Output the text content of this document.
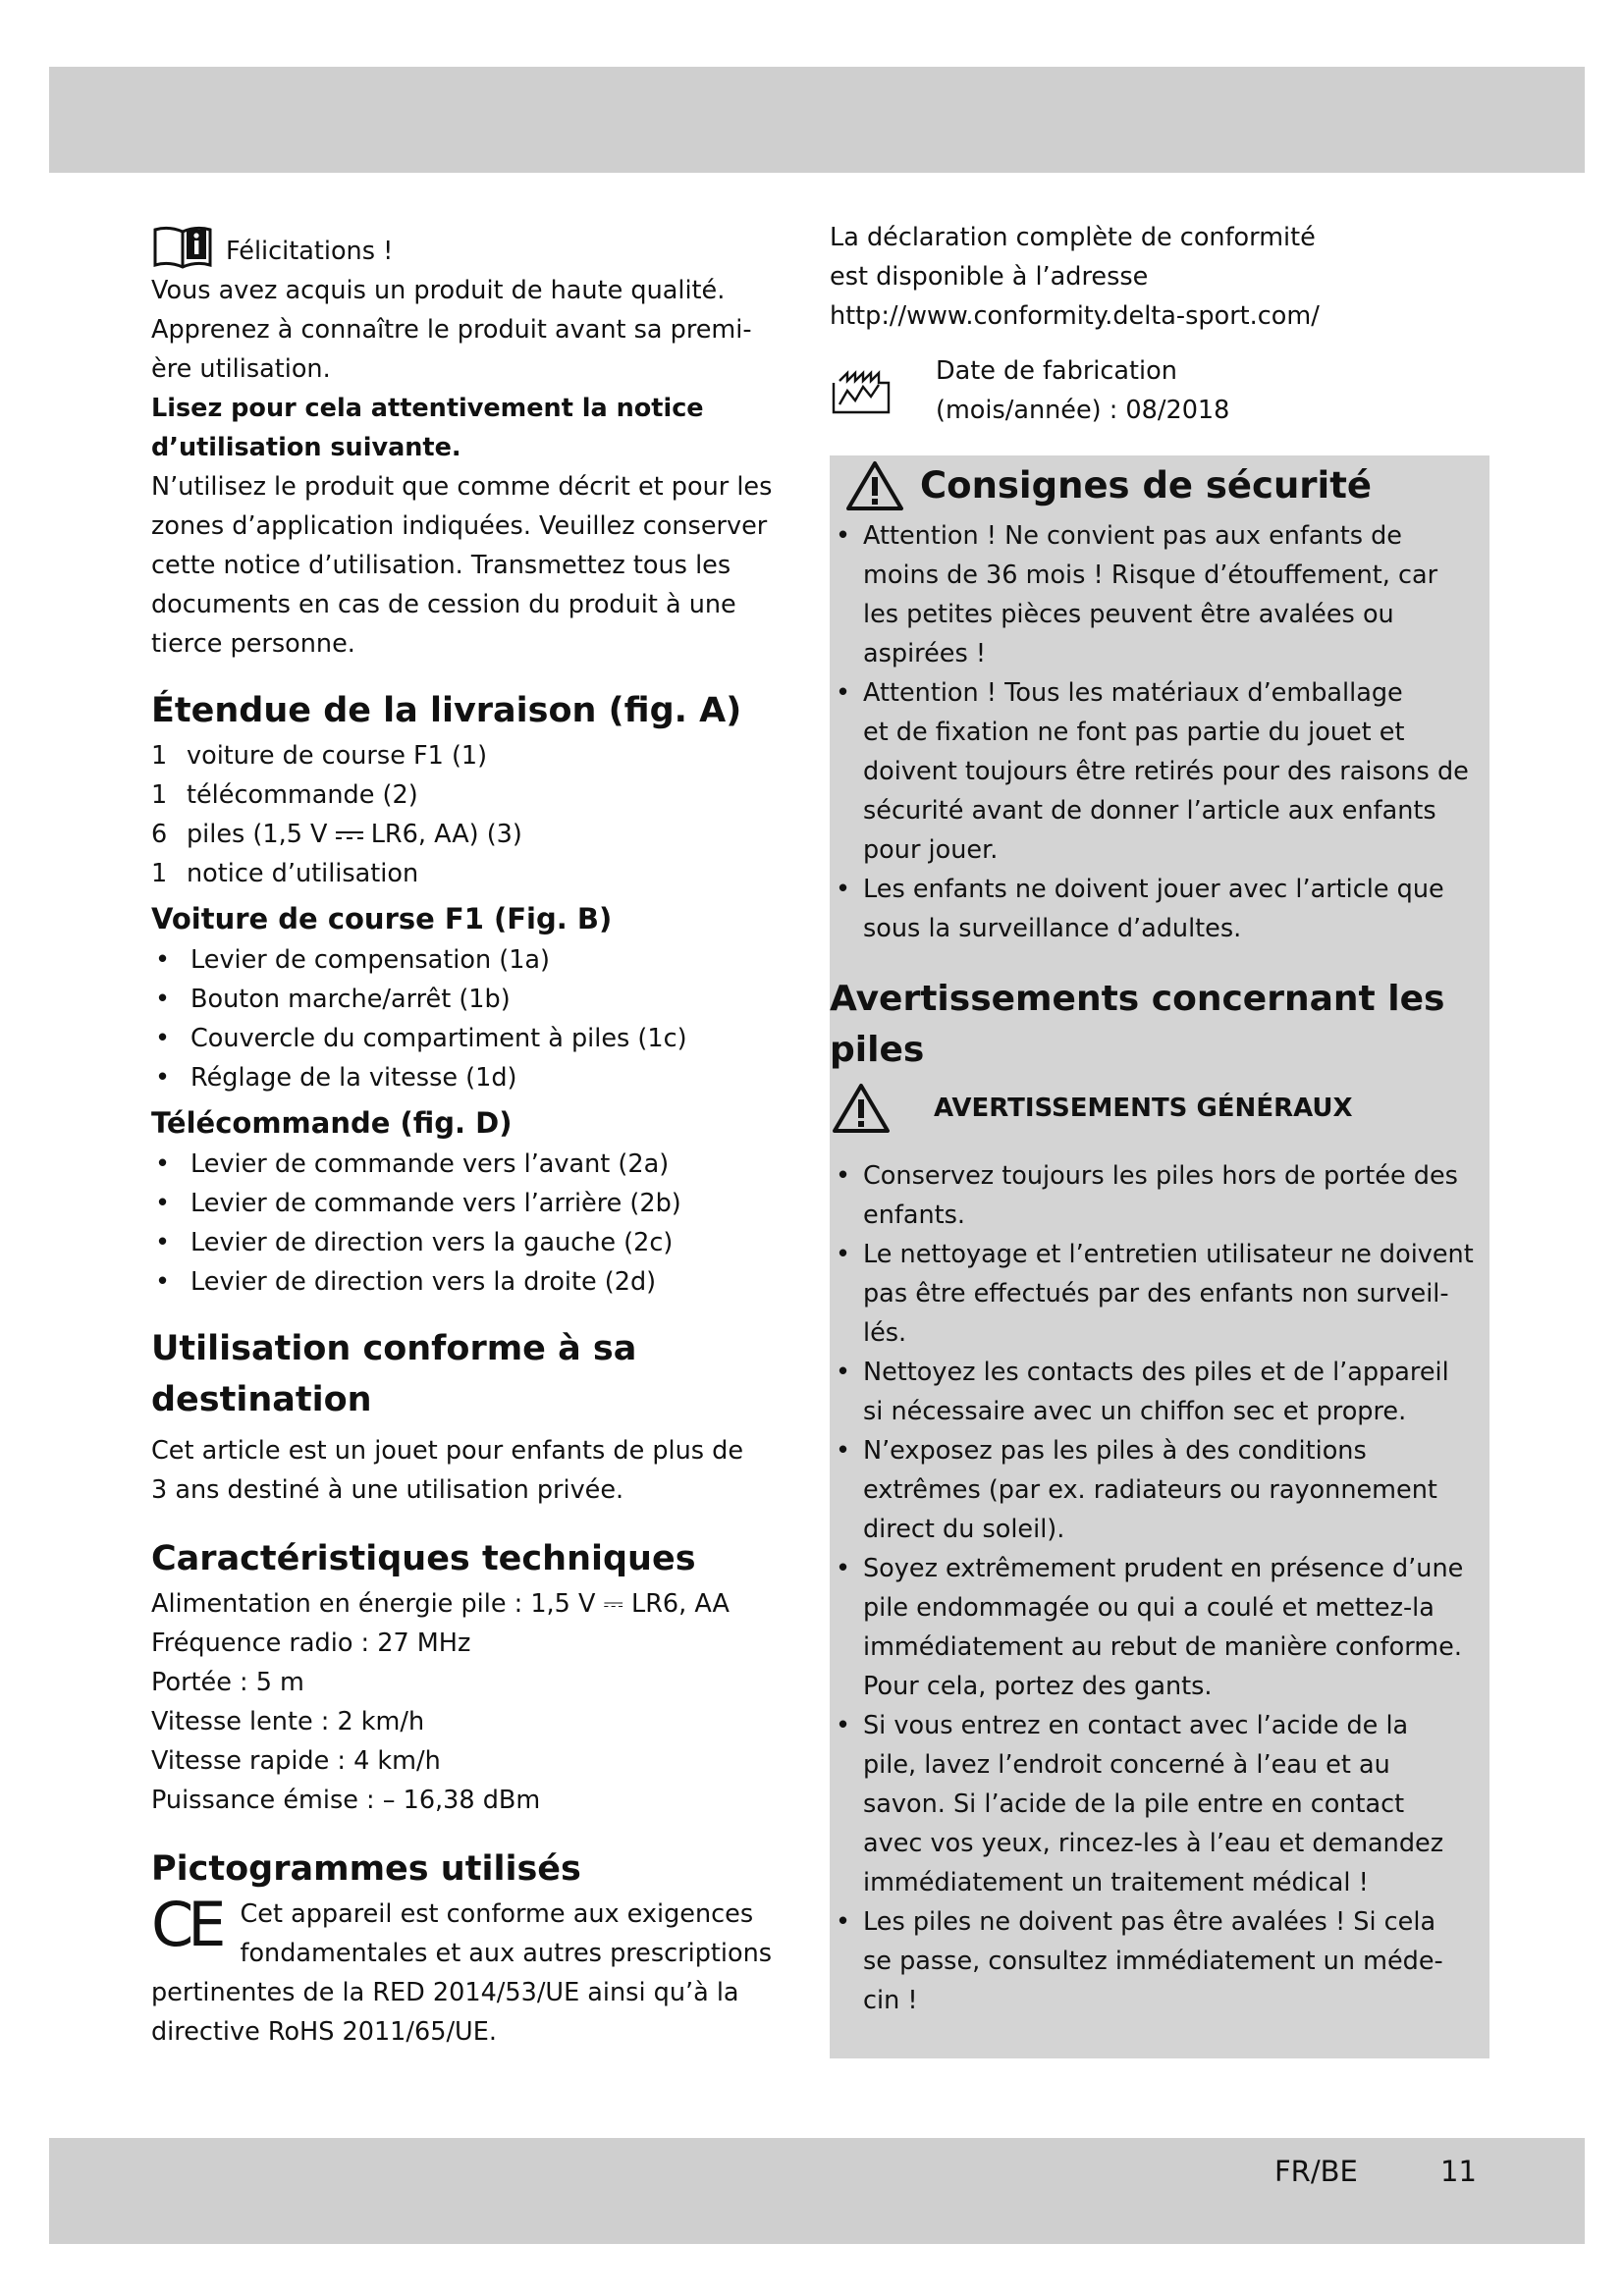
Félicitations !

Vous avez acquis un produit de haute qualité.

Apprenez à connaître le produit avant sa premi-

ère utilisation.

Lisez pour cela attentivement la notice

d’utilisation suivante.

N’utilisez le produit que comme décrit et pour les

zones d’application indiquées. Veuillez conserver

cette notice d’utilisation. Transmettez tous les

documents en cas de cession du produit à une

tierce personne.

Étendue de la livraison (fig. A)
1 voiture de course F1 (1)
1 télécommande (2)
6 piles (1,5 V LR6, AA) (3)
1 notice d’utilisation
Voiture de course F1 (Fig. B)
• Levier de compensation (1a)
• Bouton marche/arrêt (1b)
• Couvercle du compartiment à piles (1c)
• Réglage de la vitesse (1d)
Télécommande (fig. D)
• Levier de commande vers l’avant (2a)
• Levier de commande vers l’arrière (2b)
• Levier de direction vers la gauche (2c)
• Levier de direction vers la droite (2d)
Utilisation conforme à sa
destination

Cet article est un jouet pour enfants de plus de

3 ans destiné à une utilisation privée.

Caractéristiques techniques
Alimentation en énergie pile : 1,5 V ⎓ LR6, AA
Fréquence radio : 27 MHz
Portée : 5 m
Vitesse lente : 2 km/h
Vitesse rapide : 4 km/h
Puissance émise : – 16,38 dBm
Pictogrammes utilisés
CE Cet appareil est conforme aux exigences

fondamentales et aux autres prescriptions

pertinentes de la RED 2014/53/UE ainsi qu’à la

directive RoHS 2011/65/UE.

La déclaration complète de conformité

est disponible à l’adresse

http://www.conformity.delta-sport.com/

Date de fabrication

(mois/année) : 08/2018

Consignes de sécurité
• Attention ! Ne convient pas aux enfants de
moins de 36 mois ! Risque d’étouffement, car
les petites pièces peuvent être avalées ou
aspirées !
• Attention ! Tous les matériaux d’emballage
et de fixation ne font pas partie du jouet et
doivent toujours être retirés pour des raisons de
sécurité avant de donner l’article aux enfants
pour jouer.
• Les enfants ne doivent jouer avec l’article que
sous la surveillance d’adultes.
Avertissements concernant les
piles
AVERTISSEMENTS GÉNÉRAUX
• Conservez toujours les piles hors de portée des
enfants.
• Le nettoyage et l’entretien utilisateur ne doivent
pas être effectués par des enfants non surveil-
lés.
• Nettoyez les contacts des piles et de l’appareil
si nécessaire avec un chiffon sec et propre.
• N’exposez pas les piles à des conditions
extrêmes (par ex. radiateurs ou rayonnement
direct du soleil).
• Soyez extrêmement prudent en présence d’une
pile endommagée ou qui a coulé et mettez-la
immédiatement au rebut de manière conforme.
Pour cela, portez des gants.
• Si vous entrez en contact avec l’acide de la
pile, lavez l’endroit concerné à l’eau et au
savon. Si l’acide de la pile entre en contact
avec vos yeux, rincez-les à l’eau et demandez
immédiatement un traitement médical !
• Les piles ne doivent pas être avalées ! Si cela
se passe, consultez immédiatement un méde-
cin !
FR/BE	11
